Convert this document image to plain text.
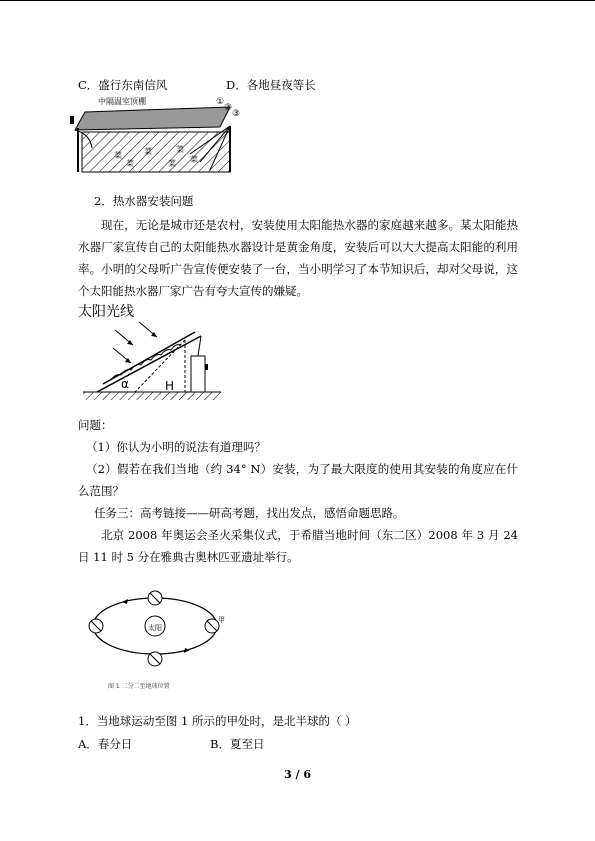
C．盛行东南信风	D．各地昼夜等长
中隔温室顶棚	①
②
③
菜
菜
菜
菜
菜
菜
2．热水器安装问题
现在，无论是城市还是农村，安装使用太阳能热水器的家庭越来越多。某太阳能热水器厂家宣传自己的太阳能热水器设计是黄金角度，安装后可以大大提高太阳能的利用率。小明的父母听广告宣传便安装了一台，当小明学习了本节知识后，却对父母说，这个太阳能热水器厂家广告有夸大宣传的嫌疑。
太阳光线
α	H
问题：
（1）你认为小明的说法有道理吗？
（2）假若在我们当地（约 34° N）安装，为了最大限度的使用其安装的角度应在什么范围？
任务三：高考链接——研高考题，找出发点，感悟命题思路。
北京 2008 年奥运会圣火采集仪式，于希腊当地时间（东二区）2008 年 3 月 24 日 11 时 5 分在雅典古奥林匹亚遗址举行。
太阳
甲
图 1 二分二至地球位置
1．当地球运动至图 1 所示的甲处时，是北半球的（ ）
A．春分日	B．夏至日
3 / 6
